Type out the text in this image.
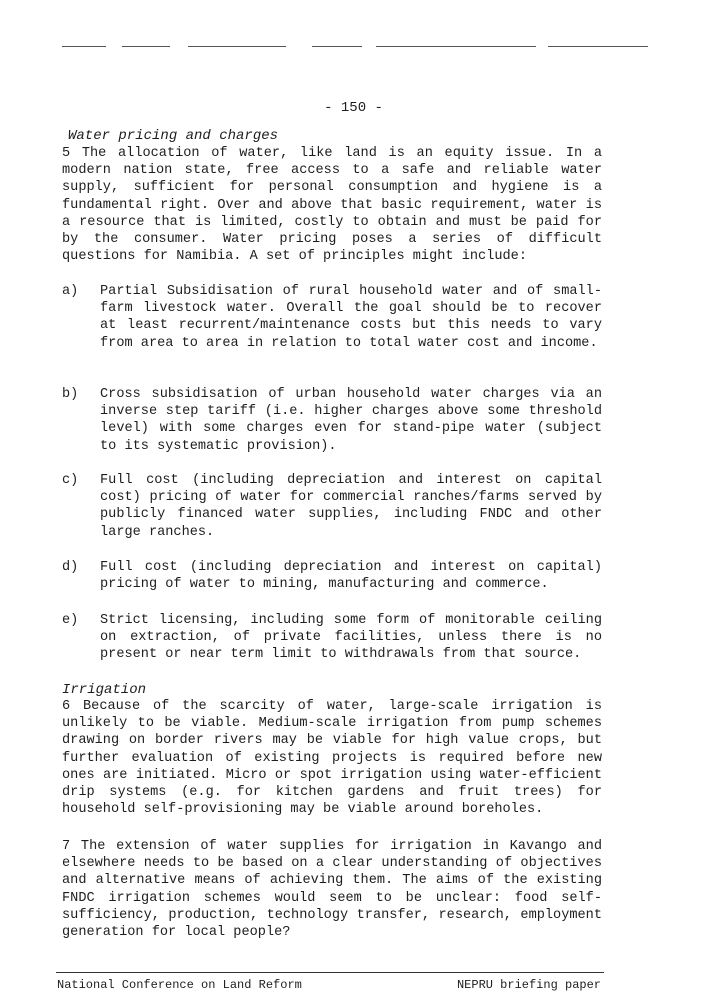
- 150 -
Water pricing and charges

5 The allocation of water, like land is an equity issue. In a modern nation state, free access to a safe and reliable water supply, sufficient for personal consumption and hygiene is a fundamental right. Over and above that basic requirement, water is a resource that is limited, costly to obtain and must be paid for by the consumer. Water pricing poses a series of difficult questions for Namibia. A set of principles might include:

a) Partial Subsidisation of rural household water and of small-farm livestock water. Overall the goal should be to recover at least recurrent/maintenance costs but this needs to vary from area to area in relation to total water cost and income.
b) Cross subsidisation of urban household water charges via an inverse step tariff (i.e. higher charges above some threshold level) with some charges even for stand-pipe water (subject to its systematic provision).
c) Full cost (including depreciation and interest on capital cost) pricing of water for commercial ranches/farms served by publicly financed water supplies, including FNDC and other large ranches.
d) Full cost (including depreciation and interest on capital) pricing of water to mining, manufacturing and commerce.
e) Strict licensing, including some form of monitorable ceiling on extraction, of private facilities, unless there is no present or near term limit to withdrawals from that source.
Irrigation

6 Because of the scarcity of water, large-scale irrigation is unlikely to be viable. Medium-scale irrigation from pump schemes drawing on border rivers may be viable for high value crops, but further evaluation of existing projects is required before new ones are initiated. Micro or spot irrigation using water-efficient drip systems (e.g. for kitchen gardens and fruit trees) for household self-provisioning may be viable around boreholes.

7 The extension of water supplies for irrigation in Kavango and elsewhere needs to be based on a clear understanding of objectives and alternative means of achieving them. The aims of the existing FNDC irrigation schemes would seem to be unclear: food self-sufficiency, production, technology transfer, research, employment generation for local people?

National Conference on Land Reform	NEPRU briefing paper
